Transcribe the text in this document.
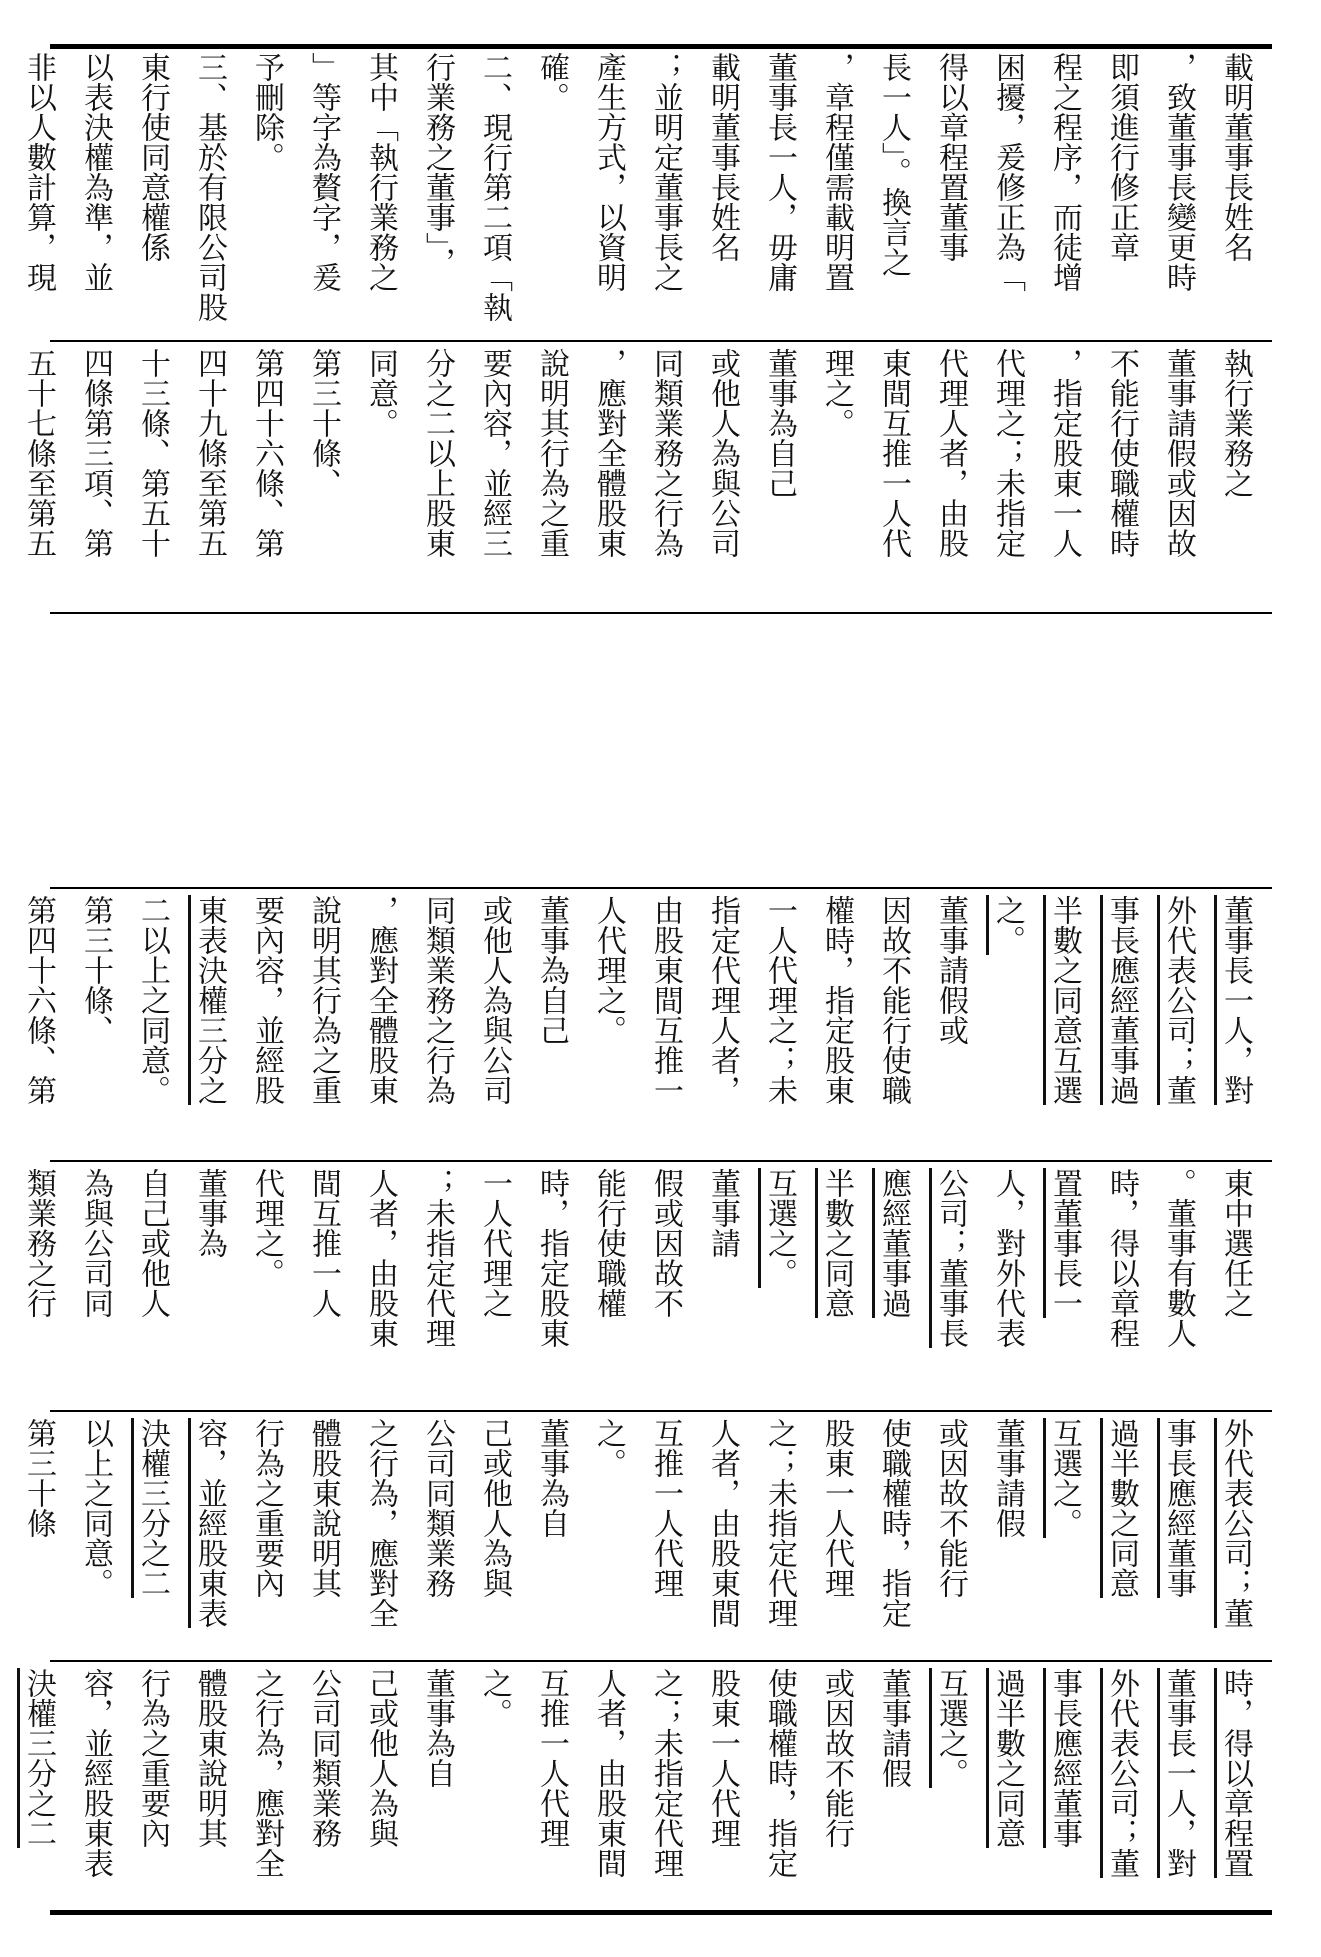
載明董事長姓名

，致董事長變更時

即須進行修正章

程之程序，而徒增

困擾，爰修正為「

得以章程置董事

長一人」。換言之

，章程僅需載明置

董事長一人，毋庸

載明董事長姓名

；並明定董事長之

產生方式，以資明

確。

二、現行第二項「執

行業務之董事」，

其中「執行業務之

」等字為贅字，爰

予刪除。

三、基於有限公司股

東行使同意權係

以表決權為準，並

非以人數計算，現

執行業務之

董事請假或因故

不能行使職權時

，指定股東一人

代理之；未指定

代理人者，由股

東間互推一人代

理之。

董事為自己

或他人為與公司

同類業務之行為

，應對全體股東

說明其行為之重

要內容，並經三

分之二以上股東

同意。

第三十條、

第四十六條、第

四十九條至第五

十三條、第五十

四條第三項、第

五十七條至第五

董事長一人，對

外代表公司；董

事長應經董事過

半數之同意互選

之。

董事請假或

因故不能行使職

權時，指定股東

一人代理之；未

指定代理人者，

由股東間互推一

人代理之。

董事為自己

或他人為與公司

同類業務之行為

，應對全體股東

說明其行為之重

要內容，並經股

東表決權三分之

二以上之同意。

第三十條、

第四十六條、第

東中選任之

。董事有數人

時，得以章程

置董事長一

人，對外代表

公司；董事長

應經董事過

半數之同意

互選之。

董事請

假或因故不

能行使職權

時，指定股東

一人代理之

；未指定代理

人者，由股東

間互推一人

代理之。

董事為

自己或他人

為與公司同

類業務之行

外代表公司；董

事長應經董事

過半數之同意

互選之。

董事請假

或因故不能行

使職權時，指定

股東一人代理

之；未指定代理

人者，由股東間

互推一人代理

之。

董事為自

己或他人為與

公司同類業務

之行為，應對全

體股東說明其

行為之重要內

容，並經股東表

決權三分之二

以上之同意。

第三十條

時，得以章程置

董事長一人，對

外代表公司；董

事長應經董事

過半數之同意

互選之。

董事請假

或因故不能行

使職權時，指定

股東一人代理

之；未指定代理

人者，由股東間

互推一人代理

之。

董事為自

己或他人為與

公司同類業務

之行為，應對全

體股東說明其

行為之重要內

容，並經股東表

決權三分之二
